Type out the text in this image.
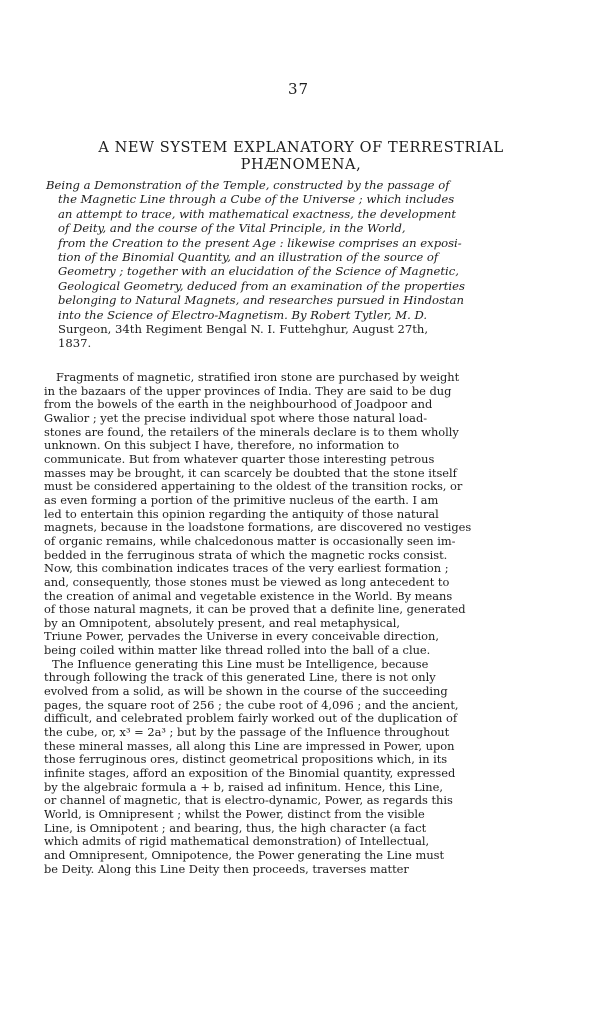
37
A NEW SYSTEM EXPLANATORY OF TERRESTRIAL
PHÆNOMENA,
Being a Demonstration of the Temple, constructed by the passage of
the Magnetic Line through a Cube of the Universe ; which includes
an attempt to trace, with mathematical exactness, the development
of Deity, and the course of the Vital Principle, in the World,
from the Creation to the present Age : likewise comprises an exposi-
tion of the Binomial Quantity, and an illustration of the source of
Geometry ; together with an elucidation of the Science of Magnetic,
Geological Geometry, deduced from an examination of the properties
belonging to Natural Magnets, and researches pursued in Hindostan
into the Science of Electro-Magnetism. By Robert Tytler, M. D.
Surgeon, 34th Regiment Bengal N. I. Futtehghur, August 27th,
1837.
Fragments of magnetic, stratified iron stone are purchased by weight
in the bazaars of the upper provinces of India. They are said to be dug
from the bowels of the earth in the neighbourhood of Joadpoor and
Gwalior ; yet the precise individual spot where those natural load-
stones are found, the retailers of the minerals declare is to them wholly
unknown. On this subject I have, therefore, no information to
communicate. But from whatever quarter those interesting petrous
masses may be brought, it can scarcely be doubted that the stone itself
must be considered appertaining to the oldest of the transition rocks, or
as even forming a portion of the primitive nucleus of the earth. I am
led to entertain this opinion regarding the antiquity of those natural
magnets, because in the loadstone formations, are discovered no vestiges
of organic remains, while chalcedonous matter is occasionally seen im-
bedded in the ferruginous strata of which the magnetic rocks consist.
Now, this combination indicates traces of the very earliest formation ;
and, consequently, those stones must be viewed as long antecedent to
the creation of animal and vegetable existence in the World. By means
of those natural magnets, it can be proved that a definite line, generated
by an Omnipotent, absolutely present, and real metaphysical,
Triune Power, pervades the Universe in every conceivable direction,
being coiled within matter like thread rolled into the ball of a clue.
The Influence generating this Line must be Intelligence, because
through following the track of this generated Line, there is not only
evolved from a solid, as will be shown in the course of the succeeding
pages, the square root of 256 ; the cube root of 4,096 ; and the ancient,
difficult, and celebrated problem fairly worked out of the duplication of
the cube, or, x³ = 2a³ ; but by the passage of the Influence throughout
these mineral masses, all along this Line are impressed in Power, upon
those ferruginous ores, distinct geometrical propositions which, in its
infinite stages, afford an exposition of the Binomial quantity, expressed
by the algebraic formula a + b, raised ad infinitum. Hence, this Line,
or channel of magnetic, that is electro-dynamic, Power, as regards this
World, is Omnipresent ; whilst the Power, distinct from the visible
Line, is Omnipotent ; and bearing, thus, the high character (a fact
which admits of rigid mathematical demonstration) of Intellectual,
and Omnipresent, Omnipotence, the Power generating the Line must
be Deity. Along this Line Deity then proceeds, traverses matter
